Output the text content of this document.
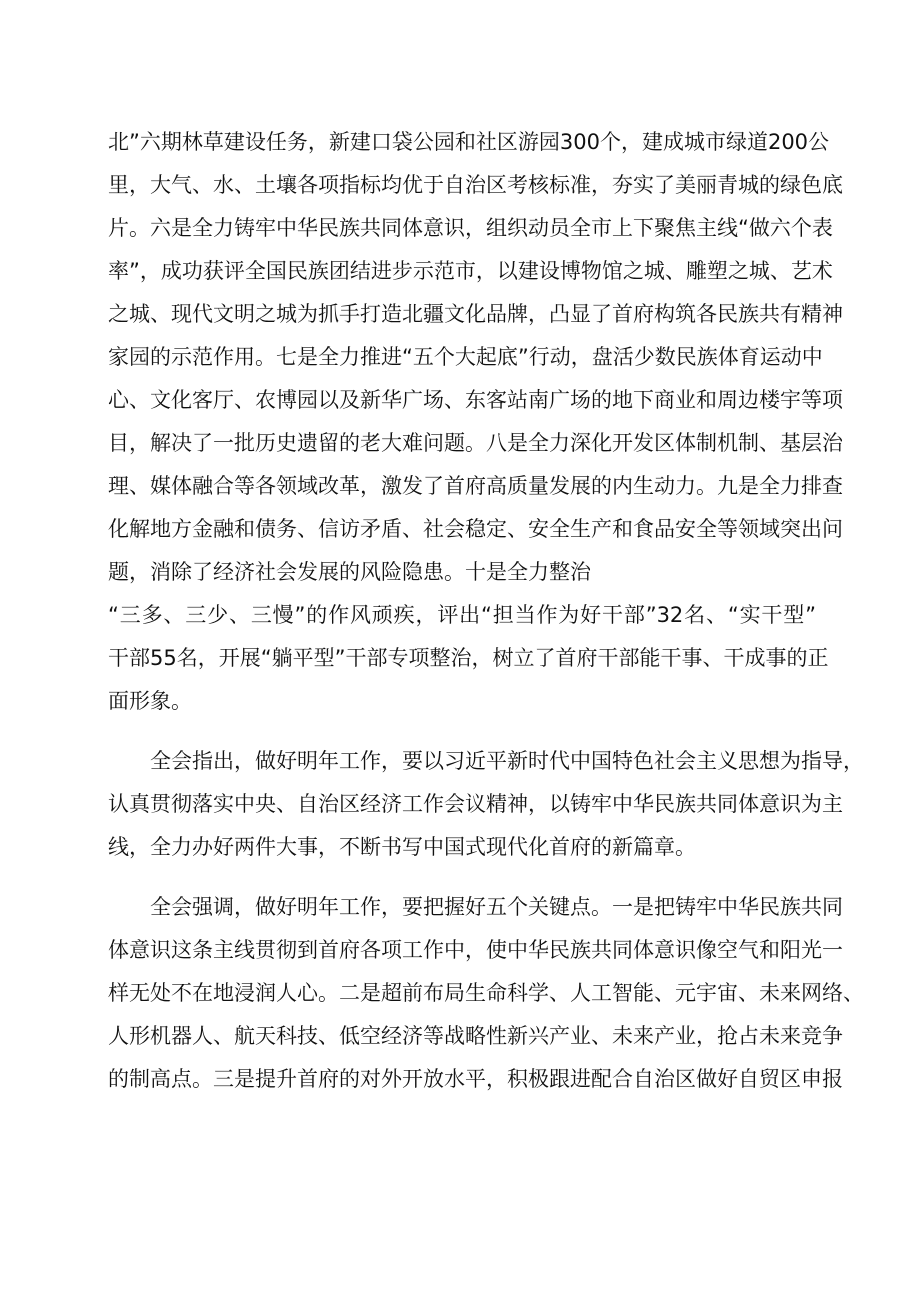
北”六期林草建设任务，新建口袋公园和社区游园300个，建成城市绿道200公
里，大气、水、土壤各项指标均优于自治区考核标准，夯实了美丽青城的绿色底
片。六是全力铸牢中华民族共同体意识，组织动员全市上下聚焦主线“做六个表
率”，成功获评全国民族团结进步示范市，以建设博物馆之城、雕塑之城、艺术
之城、现代文明之城为抓手打造北疆文化品牌，凸显了首府构筑各民族共有精神
家园的示范作用。七是全力推进“五个大起底”行动，盘活少数民族体育运动中
心、文化客厅、农博园以及新华广场、东客站南广场的地下商业和周边楼宇等项
目，解决了一批历史遗留的老大难问题。八是全力深化开发区体制机制、基层治
理、媒体融合等各领域改革，激发了首府高质量发展的内生动力。九是全力排查
化解地方金融和债务、信访矛盾、社会稳定、安全生产和食品安全等领域突出问
题，消除了经济社会发展的风险隐患。十是全力整治
“三多、三少、三慢”的作风顽疾，评出“担当作为好干部”32名、“实干型”
干部55名，开展“躺平型”干部专项整治，树立了首府干部能干事、干成事的正
面形象。
全会指出，做好明年工作，要以习近平新时代中国特色社会主义思想为指导，
认真贯彻落实中央、自治区经济工作会议精神，以铸牢中华民族共同体意识为主
线，全力办好两件大事，不断书写中国式现代化首府的新篇章。
全会强调，做好明年工作，要把握好五个关键点。一是把铸牢中华民族共同
体意识这条主线贯彻到首府各项工作中，使中华民族共同体意识像空气和阳光一
样无处不在地浸润人心。二是超前布局生命科学、人工智能、元宇宙、未来网络、
人形机器人、航天科技、低空经济等战略性新兴产业、未来产业，抢占未来竞争
的制高点。三是提升首府的对外开放水平，积极跟进配合自治区做好自贸区申报
